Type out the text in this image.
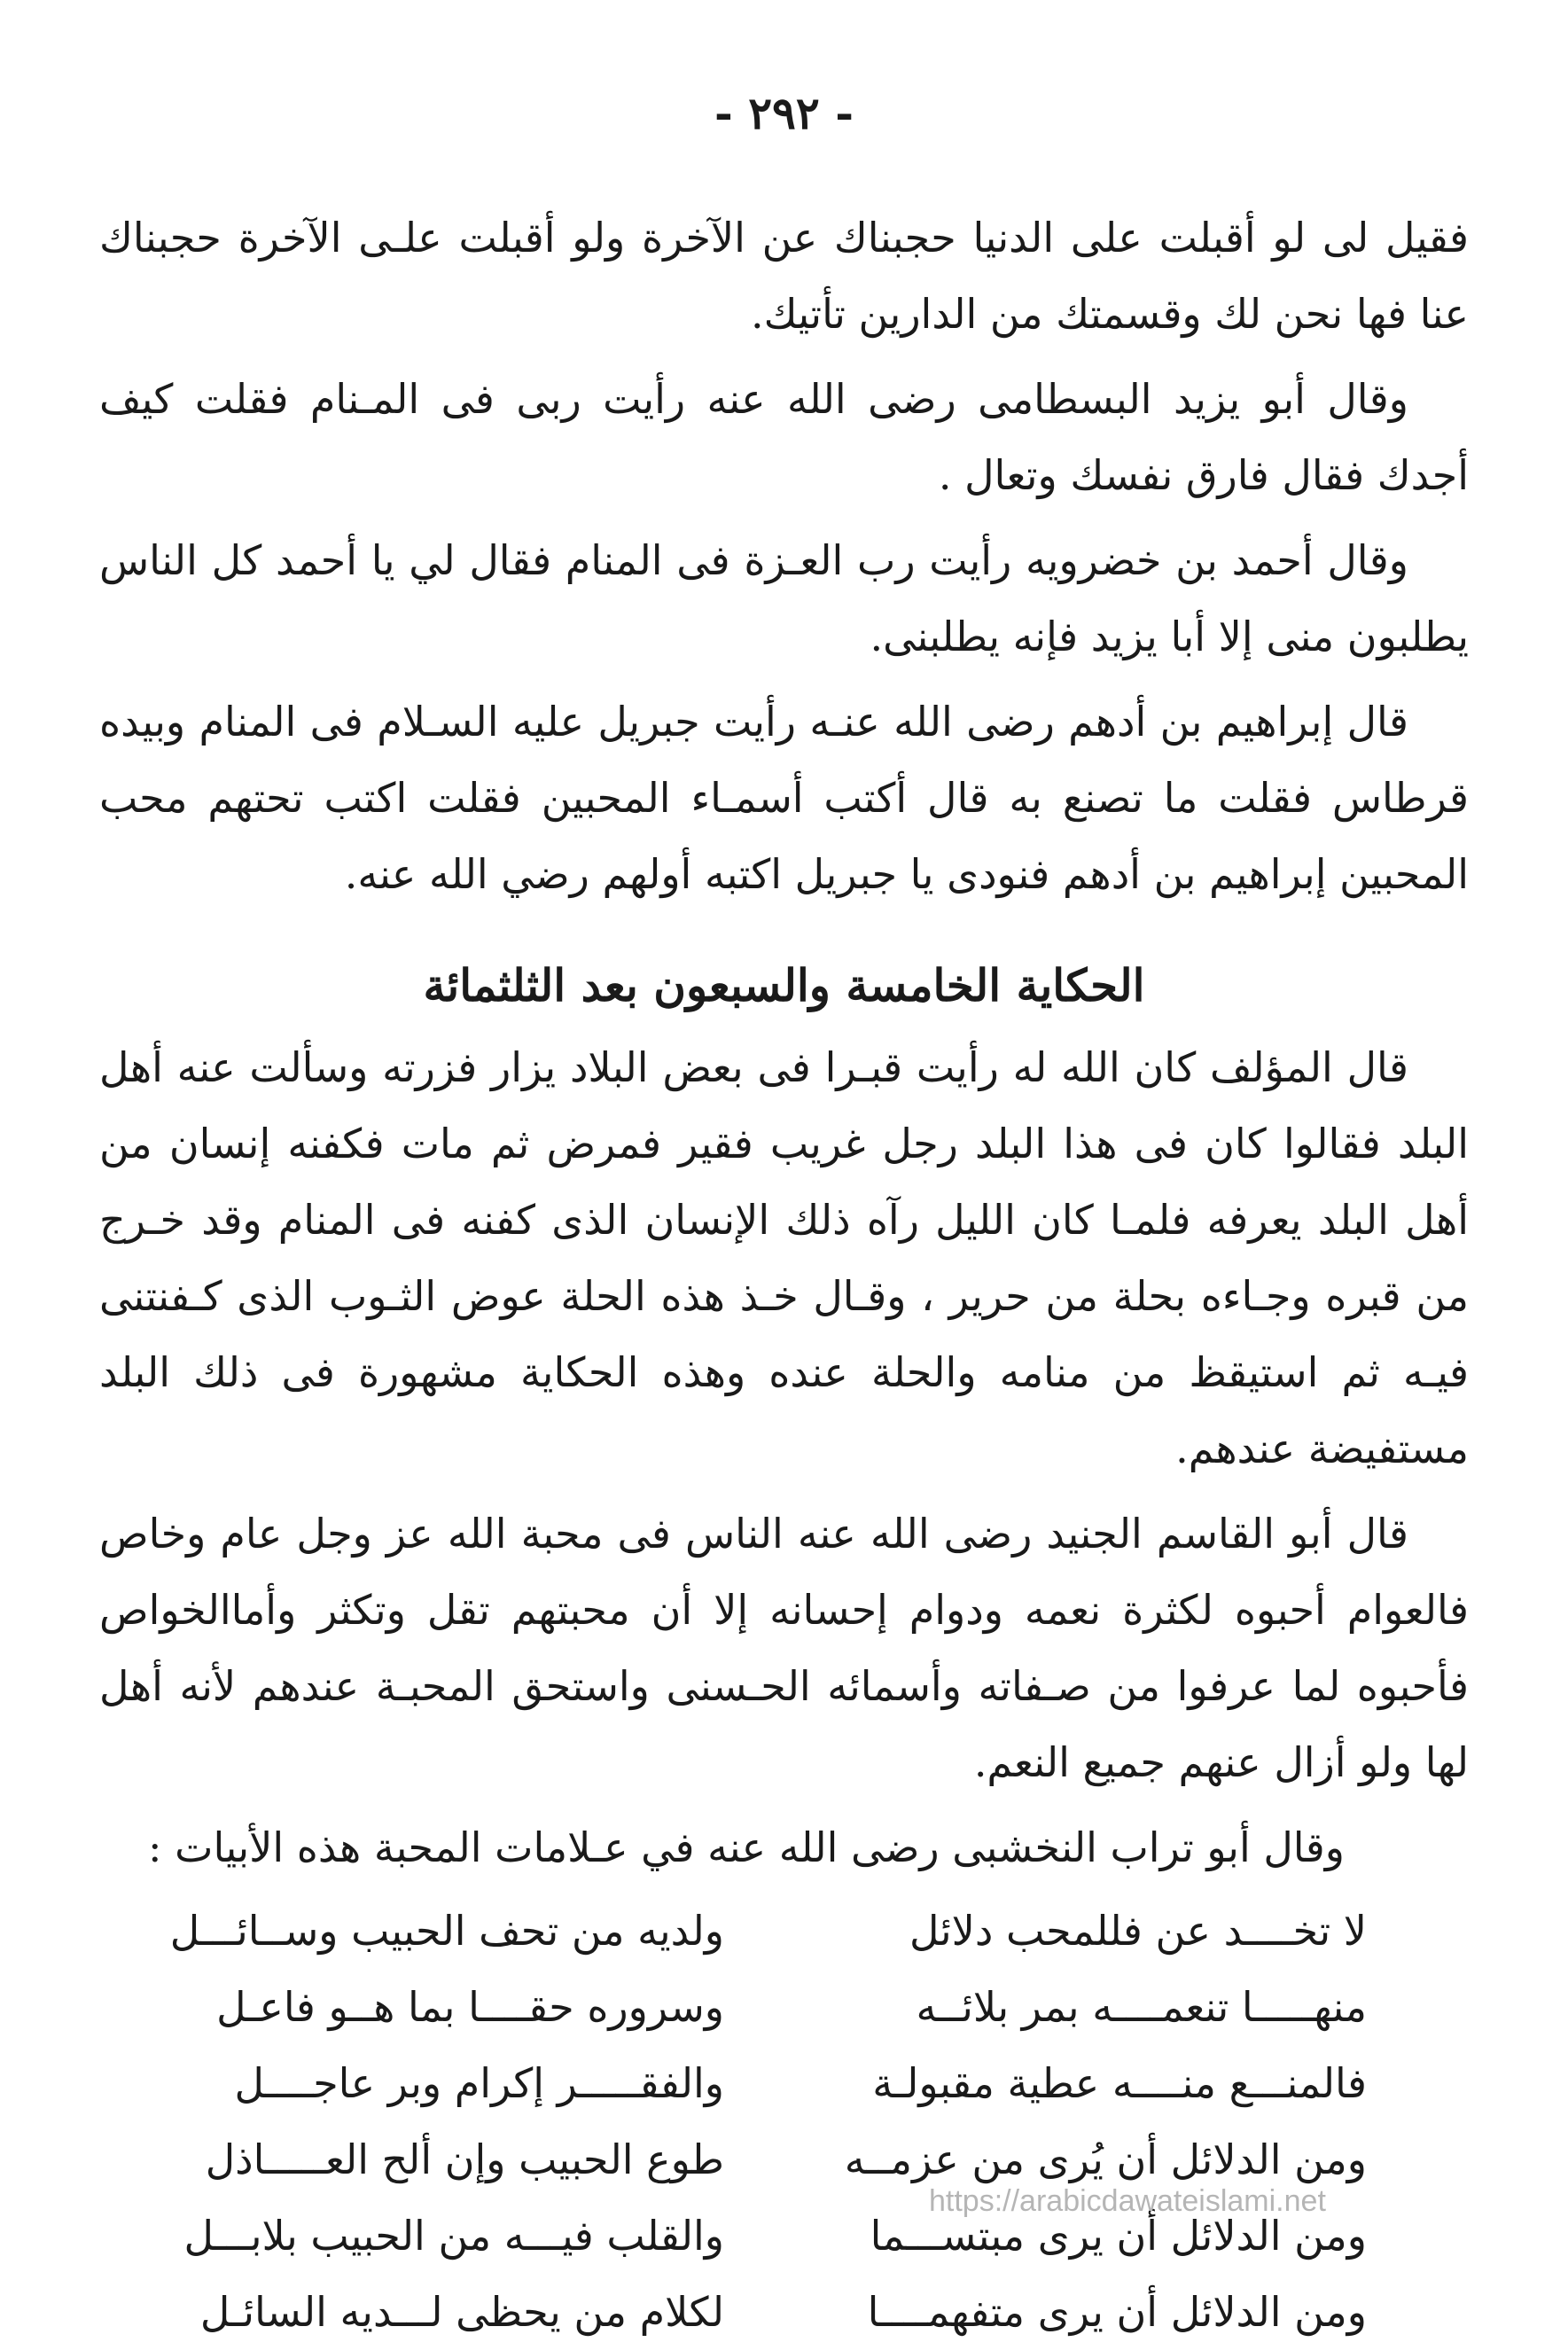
- ٢٩٢ -

فقيل لى لو أقبلت على الدنيا حجبناك عن الآخرة ولو أقبلت علـى الآخرة حجبناك عنا فها نحن لك وقسمتك من الدارين تأتيك.

وقال أبو يزيد البسطامى رضى الله عنه رأيت ربى فى المـنام فقلت كيف أجدك فقال فارق نفسك وتعال .

وقال أحمد بن خضرويه رأيت رب العـزة فى المنام فقال لي يا أحمد كل الناس يطلبون منى إلا أبا يزيد فإنه يطلبنى.

قال إبراهيم بن أدهم رضى الله عنـه رأيت جبريل عليه السـلام فى المنام وبيده قرطاس فقلت ما تصنع به قال أكتب أسمـاء المحبين فقلت اكتب تحتهم محب المحبين إبراهيم بن أدهم فنودى يا جبريل اكتبه أولهم رضي الله عنه.

الحكاية الخامسة والسبعون بعد الثلثمائة

قال المؤلف كان الله له رأيت قبـرا فى بعض البلاد يزار فزرته وسألت عنه أهل البلد فقالوا كان فى هذا البلد رجل غريب فقير فمرض ثم مات فكفنه إنسان من أهل البلد يعرفه فلمـا كان الليل رآه ذلك الإنسان الذى كفنه فى المنام وقد خـرج من قبره وجـاءه بحلة من حرير ، وقـال خـذ هذه الحلة عوض الثـوب الذى كـفنتنى فيـه ثم استيقظ من منامه والحلة عنده وهذه الحكاية مشهورة فى ذلك البلد مستفيضة عندهم.

قال أبو القاسم الجنيد رضى الله عنه الناس فى محبة الله عز وجل عام وخاص فالعوام أحبوه لكثرة نعمه ودوام إحسانه إلا أن محبتهم تقل وتكثر وأماالخواص فأحبوه لما عرفوا من صـفاته وأسمائه الحـسنى واستحق المحبـة عندهم لأنه أهل لها ولو أزال عنهم جميع النعم.

وقال أبو تراب النخشبى رضى الله عنه في عـلامات المحبة هذه الأبيات :
لا تخــــد عن فللمحب دلائل
ولديه من تحف الحبيب وســائـــل
منهـــــا تنعمــــه بمر بلائــه
وسروره حقــــا بما هــو فاعـل
فالمنـــع منــــه عطية مقبولـة
والفقـــــر إكرام وبر عاجــــل
ومن الدلائل أن يُرى من عزمــه
طوع الحبيب وإن ألح العـــــاذل
ومن الدلائل أن يرى مبتســـما
والقلب فيـــه من الحبيب بلابـــل
ومن الدلائل أن يرى متفهمــــا
لكلام من يحظى لـــديه السائـل
https://arabicdawateislami.net
